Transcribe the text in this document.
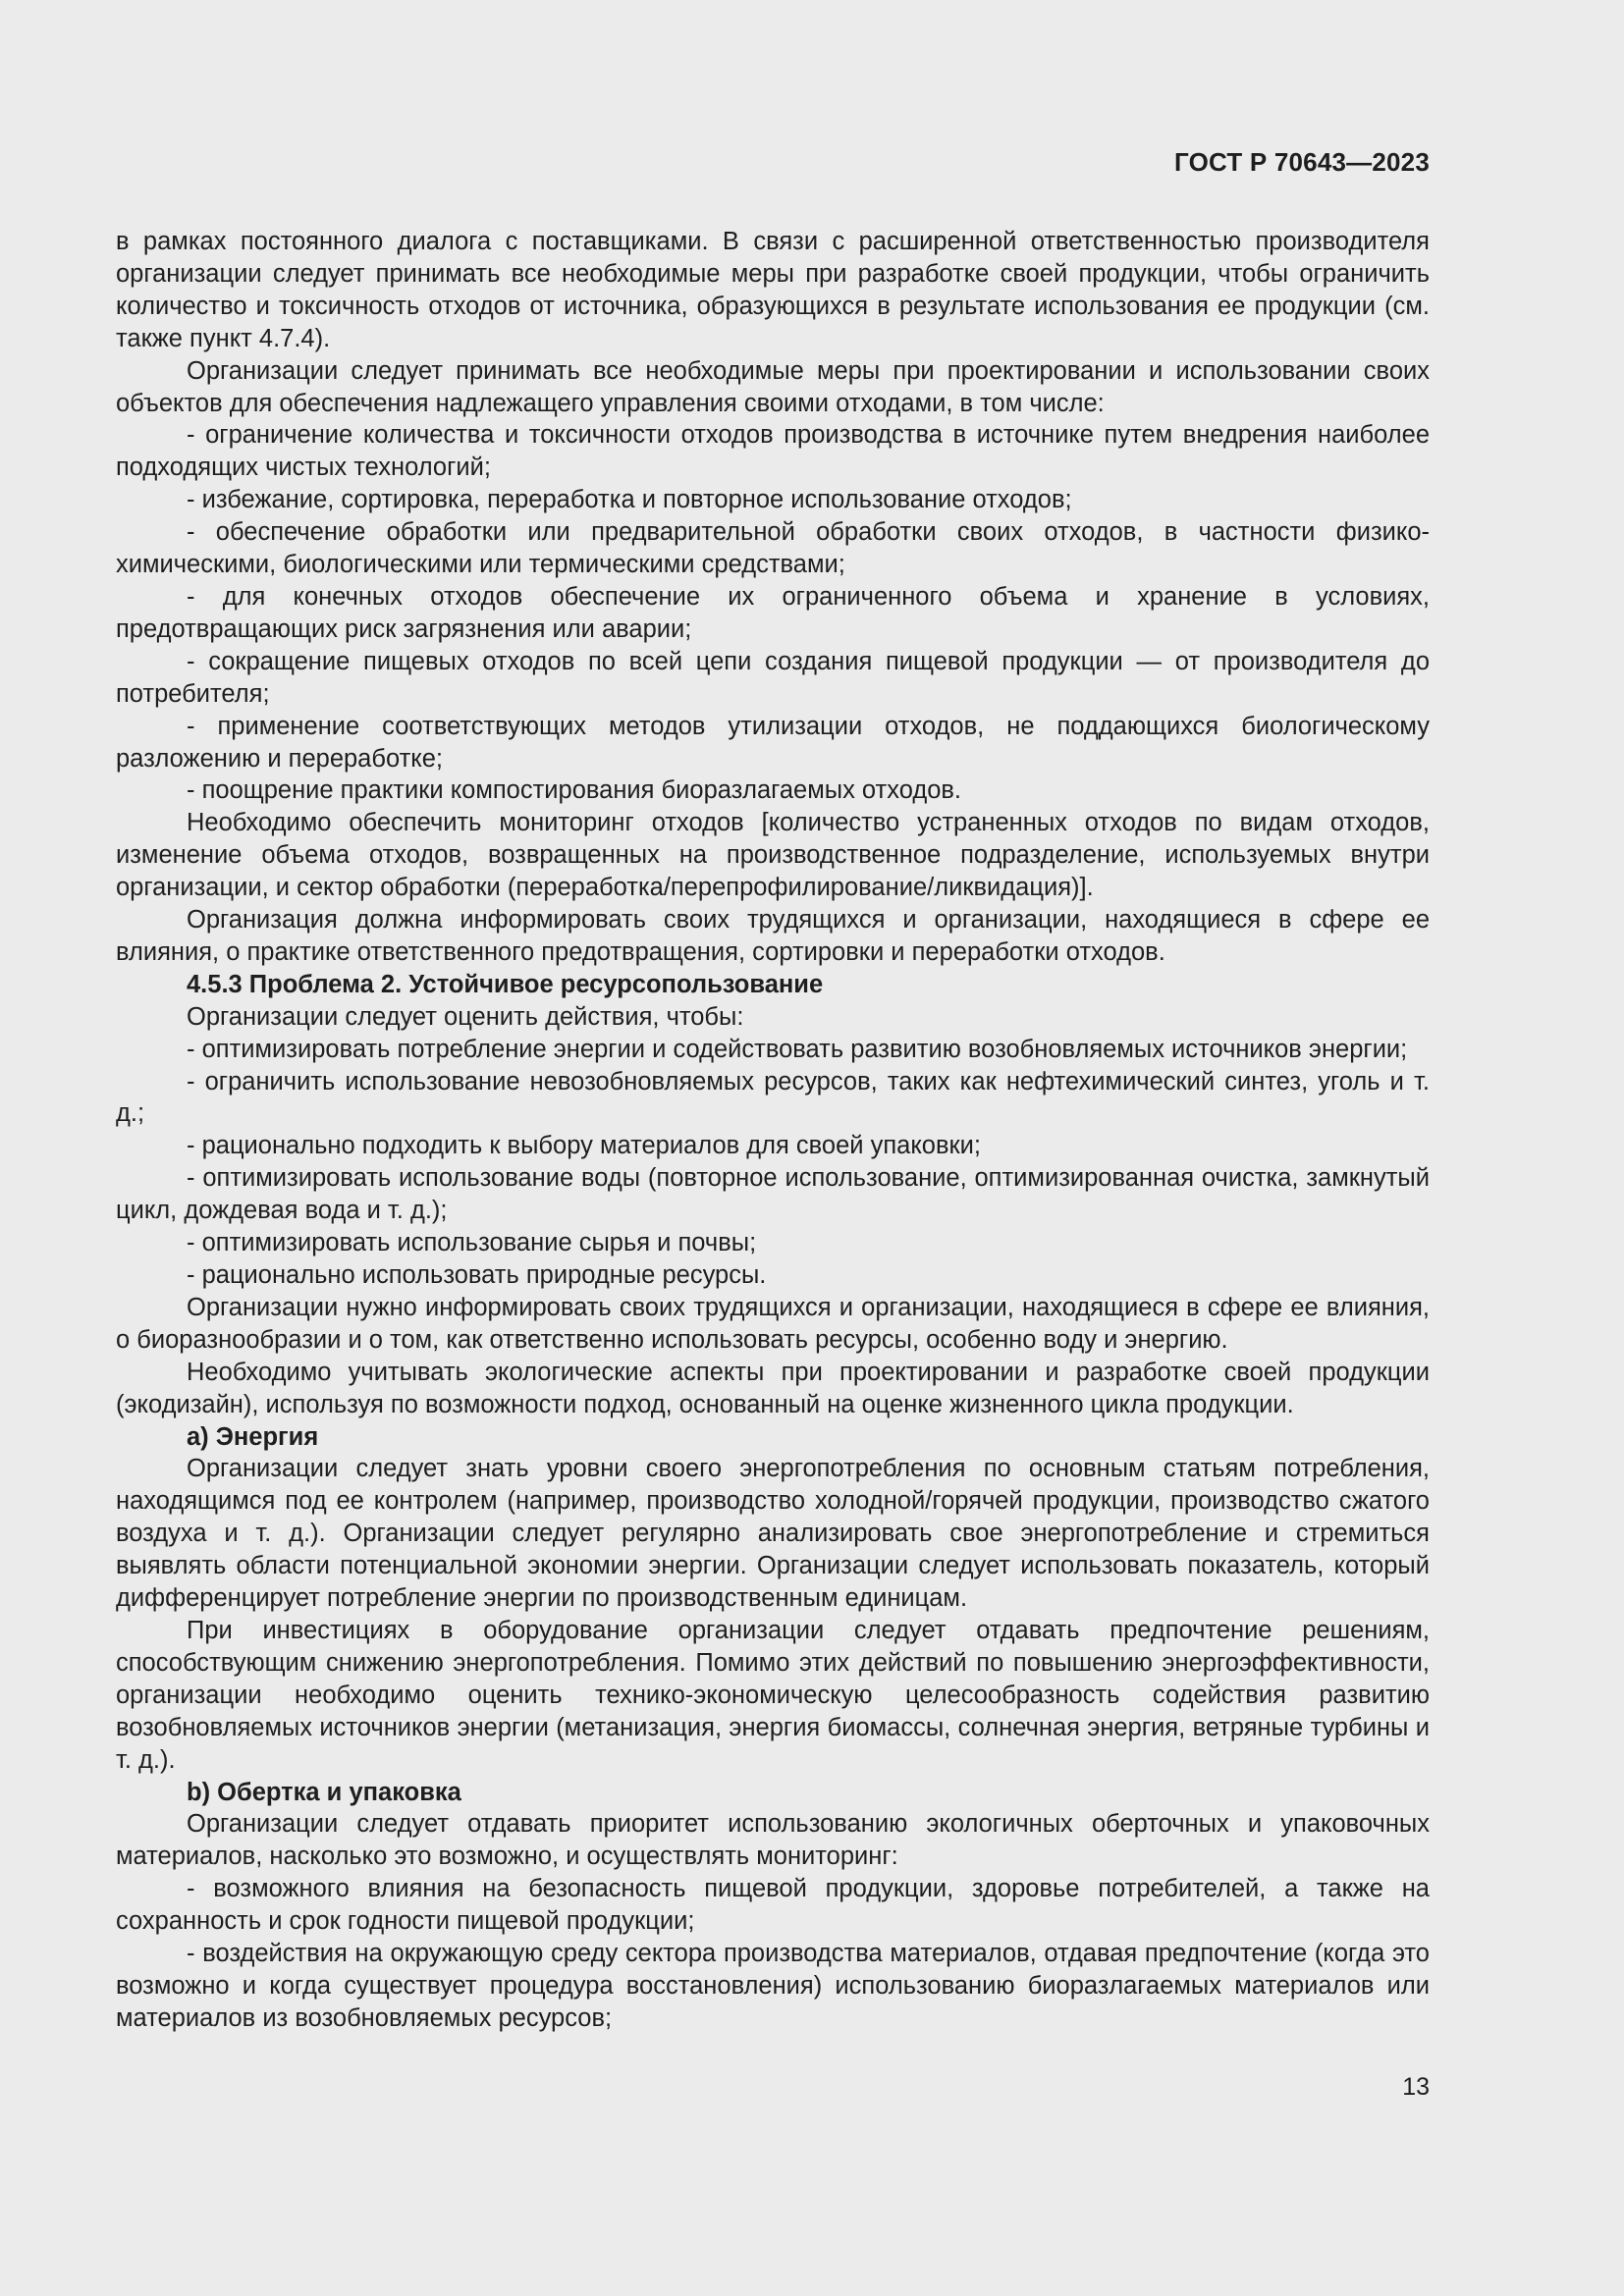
ГОСТ Р 70643—2023

в рамках постоянного диалога с поставщиками. В связи с расширенной ответственностью производителя организации следует принимать все необходимые меры при разработке своей продукции, чтобы ограничить количество и токсичность отходов от источника, образующихся в результате использования ее продукции (см. также пункт 4.7.4).

Организации следует принимать все необходимые меры при проектировании и использовании своих объектов для обеспечения надлежащего управления своими отходами, в том числе:

- ограничение количества и токсичности отходов производства в источнике путем внедрения наиболее подходящих чистых технологий;

- избежание, сортировка, переработка и повторное использование отходов;

- обеспечение обработки или предварительной обработки своих отходов, в частности физико-химическими, биологическими или термическими средствами;

- для конечных отходов обеспечение их ограниченного объема и хранение в условиях, предотвращающих риск загрязнения или аварии;

- сокращение пищевых отходов по всей цепи создания пищевой продукции — от производителя до потребителя;

- применение соответствующих методов утилизации отходов, не поддающихся биологическому разложению и переработке;

- поощрение практики компостирования биоразлагаемых отходов.

Необходимо обеспечить мониторинг отходов [количество устраненных отходов по видам отходов, изменение объема отходов, возвращенных на производственное подразделение, используемых внутри организации, и сектор обработки (переработка/перепрофилирование/ликвидация)].

Организация должна информировать своих трудящихся и организации, находящиеся в сфере ее влияния, о практике ответственного предотвращения, сортировки и переработки отходов.

4.5.3 Проблема 2. Устойчивое ресурсопользование

Организации следует оценить действия, чтобы:

- оптимизировать потребление энергии и содействовать развитию возобновляемых источников энергии;

- ограничить использование невозобновляемых ресурсов, таких как нефтехимический синтез, уголь и т. д.;

- рационально подходить к выбору материалов для своей упаковки;

- оптимизировать использование воды (повторное использование, оптимизированная очистка, замкнутый цикл, дождевая вода и т. д.);

- оптимизировать использование сырья и почвы;

- рационально использовать природные ресурсы.

Организации нужно информировать своих трудящихся и организации, находящиеся в сфере ее влияния, о биоразнообразии и о том, как ответственно использовать ресурсы, особенно воду и энергию.

Необходимо учитывать экологические аспекты при проектировании и разработке своей продукции (экодизайн), используя по возможности подход, основанный на оценке жизненного цикла продукции.

a) Энергия

Организации следует знать уровни своего энергопотребления по основным статьям потребления, находящимся под ее контролем (например, производство холодной/горячей продукции, производство сжатого воздуха и т. д.). Организации следует регулярно анализировать свое энергопотребление и стремиться выявлять области потенциальной экономии энергии. Организации следует использовать показатель, который дифференцирует потребление энергии по производственным единицам.

При инвестициях в оборудование организации следует отдавать предпочтение решениям, способствующим снижению энергопотребления. Помимо этих действий по повышению энергоэффективности, организации необходимо оценить технико-экономическую целесообразность содействия развитию возобновляемых источников энергии (метанизация, энергия биомассы, солнечная энергия, ветряные турбины и т. д.).

b) Обертка и упаковка

Организации следует отдавать приоритет использованию экологичных оберточных и упаковочных материалов, насколько это возможно, и осуществлять мониторинг:

- возможного влияния на безопасность пищевой продукции, здоровье потребителей, а также на сохранность и срок годности пищевой продукции;

- воздействия на окружающую среду сектора производства материалов, отдавая предпочтение (когда это возможно и когда существует процедура восстановления) использованию биоразлагаемых материалов или материалов из возобновляемых ресурсов;

13
